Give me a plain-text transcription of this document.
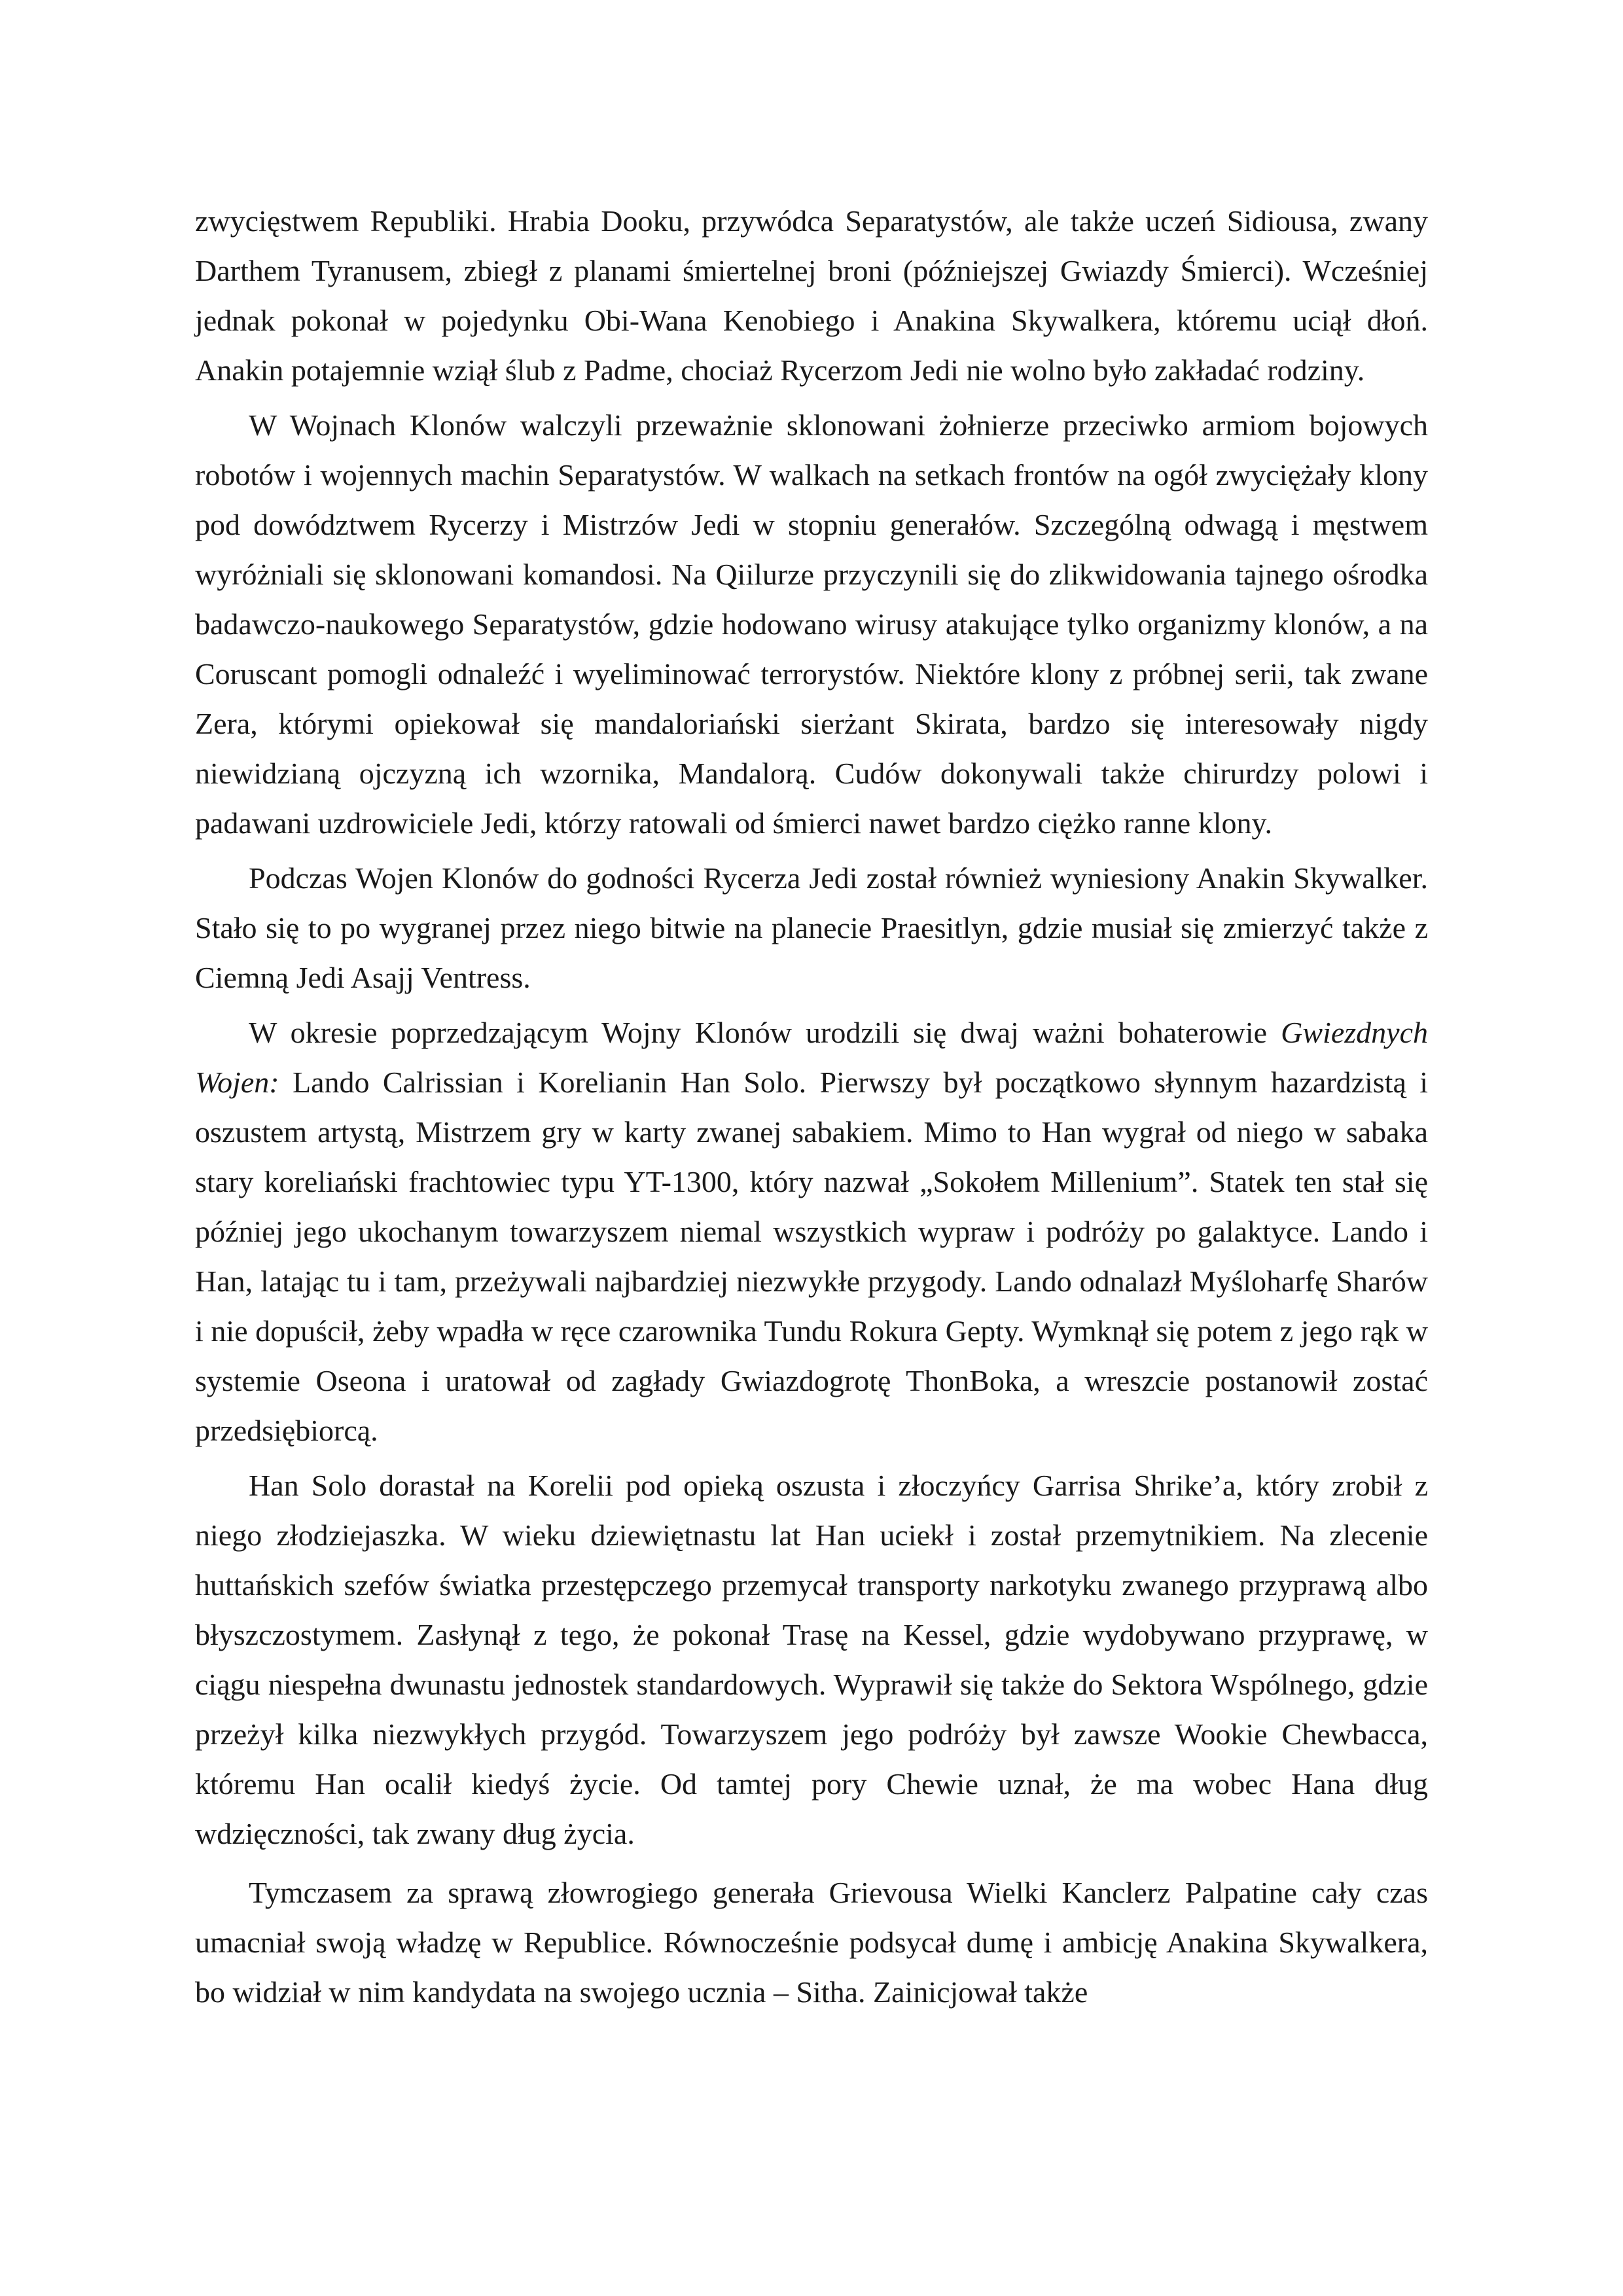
zwycięstwem Republiki. Hrabia Dooku, przywódca Separatystów, ale także uczeń Sidiousa, zwany Darthem Tyranusem, zbiegł z planami śmiertelnej broni (późniejszej Gwiazdy Śmierci). Wcześniej jednak pokonał w pojedynku Obi-Wana Kenobiego i Anakina Skywalkera, któremu uciął dłoń. Anakin potajemnie wziął ślub z Padme, chociaż Rycerzom Jedi nie wolno było zakładać rodziny.

W Wojnach Klonów walczyli przeważnie sklonowani żołnierze przeciwko armiom bojowych robotów i wojennych machin Separatystów. W walkach na setkach frontów na ogół zwyciężały klony pod dowództwem Rycerzy i Mistrzów Jedi w stopniu generałów. Szczególną odwagą i męstwem wyróżniali się sklonowani komandosi. Na Qiilurze przyczynili się do zlikwidowania tajnego ośrodka badawczo-naukowego Separatystów, gdzie hodowano wirusy atakujące tylko organizmy klonów, a na Coruscant pomogli odnaleźć i wyeliminować terrorystów. Niektóre klony z próbnej serii, tak zwane Zera, którymi opiekował się mandaloriański sierżant Skirata, bardzo się interesowały nigdy niewidzianą ojczyzną ich wzornika, Mandalorą. Cudów dokonywali także chirurdzy polowi i padawani uzdrowiciele Jedi, którzy ratowali od śmierci nawet bardzo ciężko ranne klony.

Podczas Wojen Klonów do godności Rycerza Jedi został również wyniesiony Anakin Skywalker. Stało się to po wygranej przez niego bitwie na planecie Praesitlyn, gdzie musiał się zmierzyć także z Ciemną Jedi Asajj Ventress.

W okresie poprzedzającym Wojny Klonów urodzili się dwaj ważni bohaterowie Gwiezdnych Wojen: Lando Calrissian i Korelianin Han Solo. Pierwszy był początkowo słynnym hazardzistą i oszustem artystą, Mistrzem gry w karty zwanej sabakiem. Mimo to Han wygrał od niego w sabaka stary koreliański frachtowiec typu YT-1300, który nazwał „Sokołem Millenium”. Statek ten stał się później jego ukochanym towarzyszem niemal wszystkich wypraw i podróży po galaktyce. Lando i Han, latając tu i tam, przeżywali najbardziej niezwykłe przygody. Lando odnalazł Myśloharfę Sharów i nie dopuścił, żeby wpadła w ręce czarownika Tundu Rokura Gepty. Wymknął się potem z jego rąk w systemie Oseona i uratował od zagłady Gwiazdogrotę ThonBoka, a wreszcie postanowił zostać przedsiębiorcą.

Han Solo dorastał na Korelii pod opieką oszusta i złoczyńcy Garrisa Shrike’a, który zrobił z niego złodziejaszka. W wieku dziewiętnastu lat Han uciekł i został przemytnikiem. Na zlecenie huttańskich szefów światka przestępczego przemycał transporty narkotyku zwanego przyprawą albo błyszczostymem. Zasłynął z tego, że pokonał Trasę na Kessel, gdzie wydobywano przyprawę, w ciągu niespełna dwunastu jednostek standardowych. Wyprawił się także do Sektora Wspólnego, gdzie przeżył kilka niezwykłych przygód. Towarzyszem jego podróży był zawsze Wookie Chewbacca, któremu Han ocalił kiedyś życie. Od tamtej pory Chewie uznał, że ma wobec Hana dług wdzięczności, tak zwany dług życia.

Tymczasem za sprawą złowrogiego generała Grievousa Wielki Kanclerz Palpatine cały czas umacniał swoją władzę w Republice. Równocześnie podsycał dumę i ambicję Anakina Skywalkera, bo widział w nim kandydata na swojego ucznia – Sitha. Zainicjował także
